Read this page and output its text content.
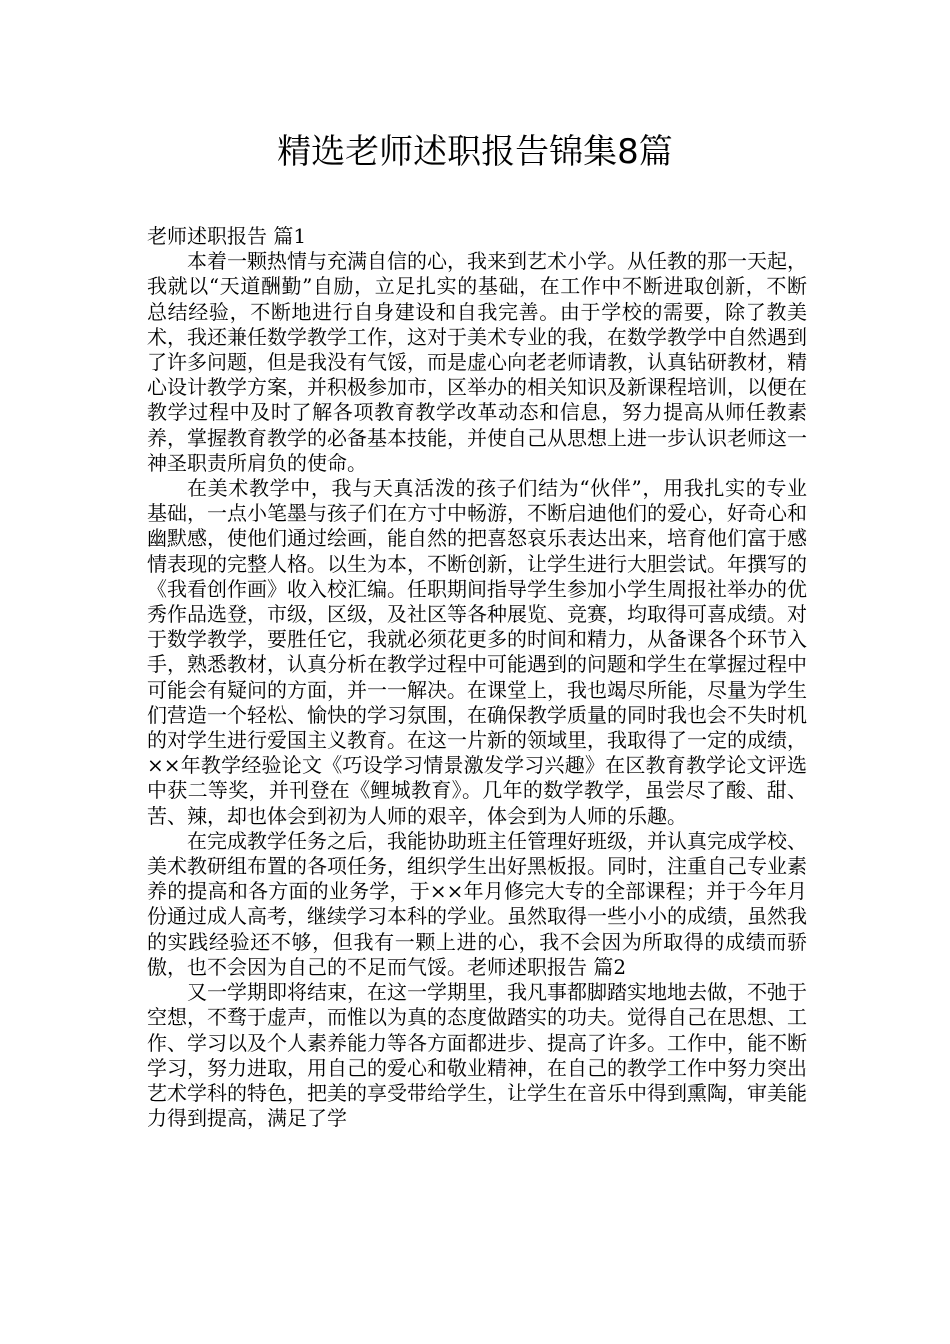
精选老师述职报告锦集8篇

老师述职报告 篇1

本着一颗热情与充满自信的心，我来到艺术小学。从任教的那一天起，我就以“天道酬勤”自励，立足扎实的基础，在工作中不断进取创新，不断总结经验，不断地进行自身建设和自我完善。由于学校的需要，除了教美术，我还兼任数学教学工作，这对于美术专业的我，在数学教学中自然遇到了许多问题，但是我没有气馁，而是虚心向老老师请教，认真钻研教材，精心设计教学方案，并积极参加市，区举办的相关知识及新课程培训，以便在教学过程中及时了解各项教育教学改革动态和信息，努力提高从师任教素养，掌握教育教学的必备基本技能，并使自己从思想上进一步认识老师这一神圣职责所肩负的使命。

在美术教学中，我与天真活泼的孩子们结为“伙伴”，用我扎实的专业基础，一点小笔墨与孩子们在方寸中畅游，不断启迪他们的爱心，好奇心和幽默感，使他们通过绘画，能自然的把喜怒哀乐表达出来，培育他们富于感情表现的完整人格。以生为本，不断创新，让学生进行大胆尝试。年撰写的《我看创作画》收入校汇编。任职期间指导学生参加小学生周报社举办的优秀作品选登，市级，区级，及社区等各种展览、竞赛，均取得可喜成绩。对于数学教学，要胜任它，我就必须花更多的时间和精力，从备课各个环节入手，熟悉教材，认真分析在教学过程中可能遇到的问题和学生在掌握过程中可能会有疑问的方面，并一一解决。在课堂上，我也竭尽所能，尽量为学生们营造一个轻松、愉快的学习氛围，在确保教学质量的同时我也会不失时机的对学生进行爱国主义教育。在这一片新的领域里，我取得了一定的成绩，××年教学经验论文《巧设学习情景激发学习兴趣》在区教育教学论文评选中获二等奖，并刊登在《鲤城教育》。几年的数学教学，虽尝尽了酸、甜、苦、辣，却也体会到初为人师的艰辛，体会到为人师的乐趣。

在完成教学任务之后，我能协助班主任管理好班级，并认真完成学校、美术教研组布置的各项任务，组织学生出好黑板报。同时，注重自己专业素养的提高和各方面的业务学，于××年月修完大专的全部课程；并于今年月份通过成人高考，继续学习本科的学业。虽然取得一些小小的成绩，虽然我的实践经验还不够，但我有一颗上进的心，我不会因为所取得的成绩而骄傲，也不会因为自己的不足而气馁。老师述职报告 篇2

又一学期即将结束，在这一学期里，我凡事都脚踏实地地去做，不弛于空想，不骛于虚声，而惟以为真的态度做踏实的功夫。觉得自己在思想、工作、学习以及个人素养能力等各方面都进步、提高了许多。工作中，能不断学习，努力进取，用自己的爱心和敬业精神，在自己的教学工作中努力突出艺术学科的特色，把美的享受带给学生，让学生在音乐中得到熏陶，审美能力得到提高，满足了学
